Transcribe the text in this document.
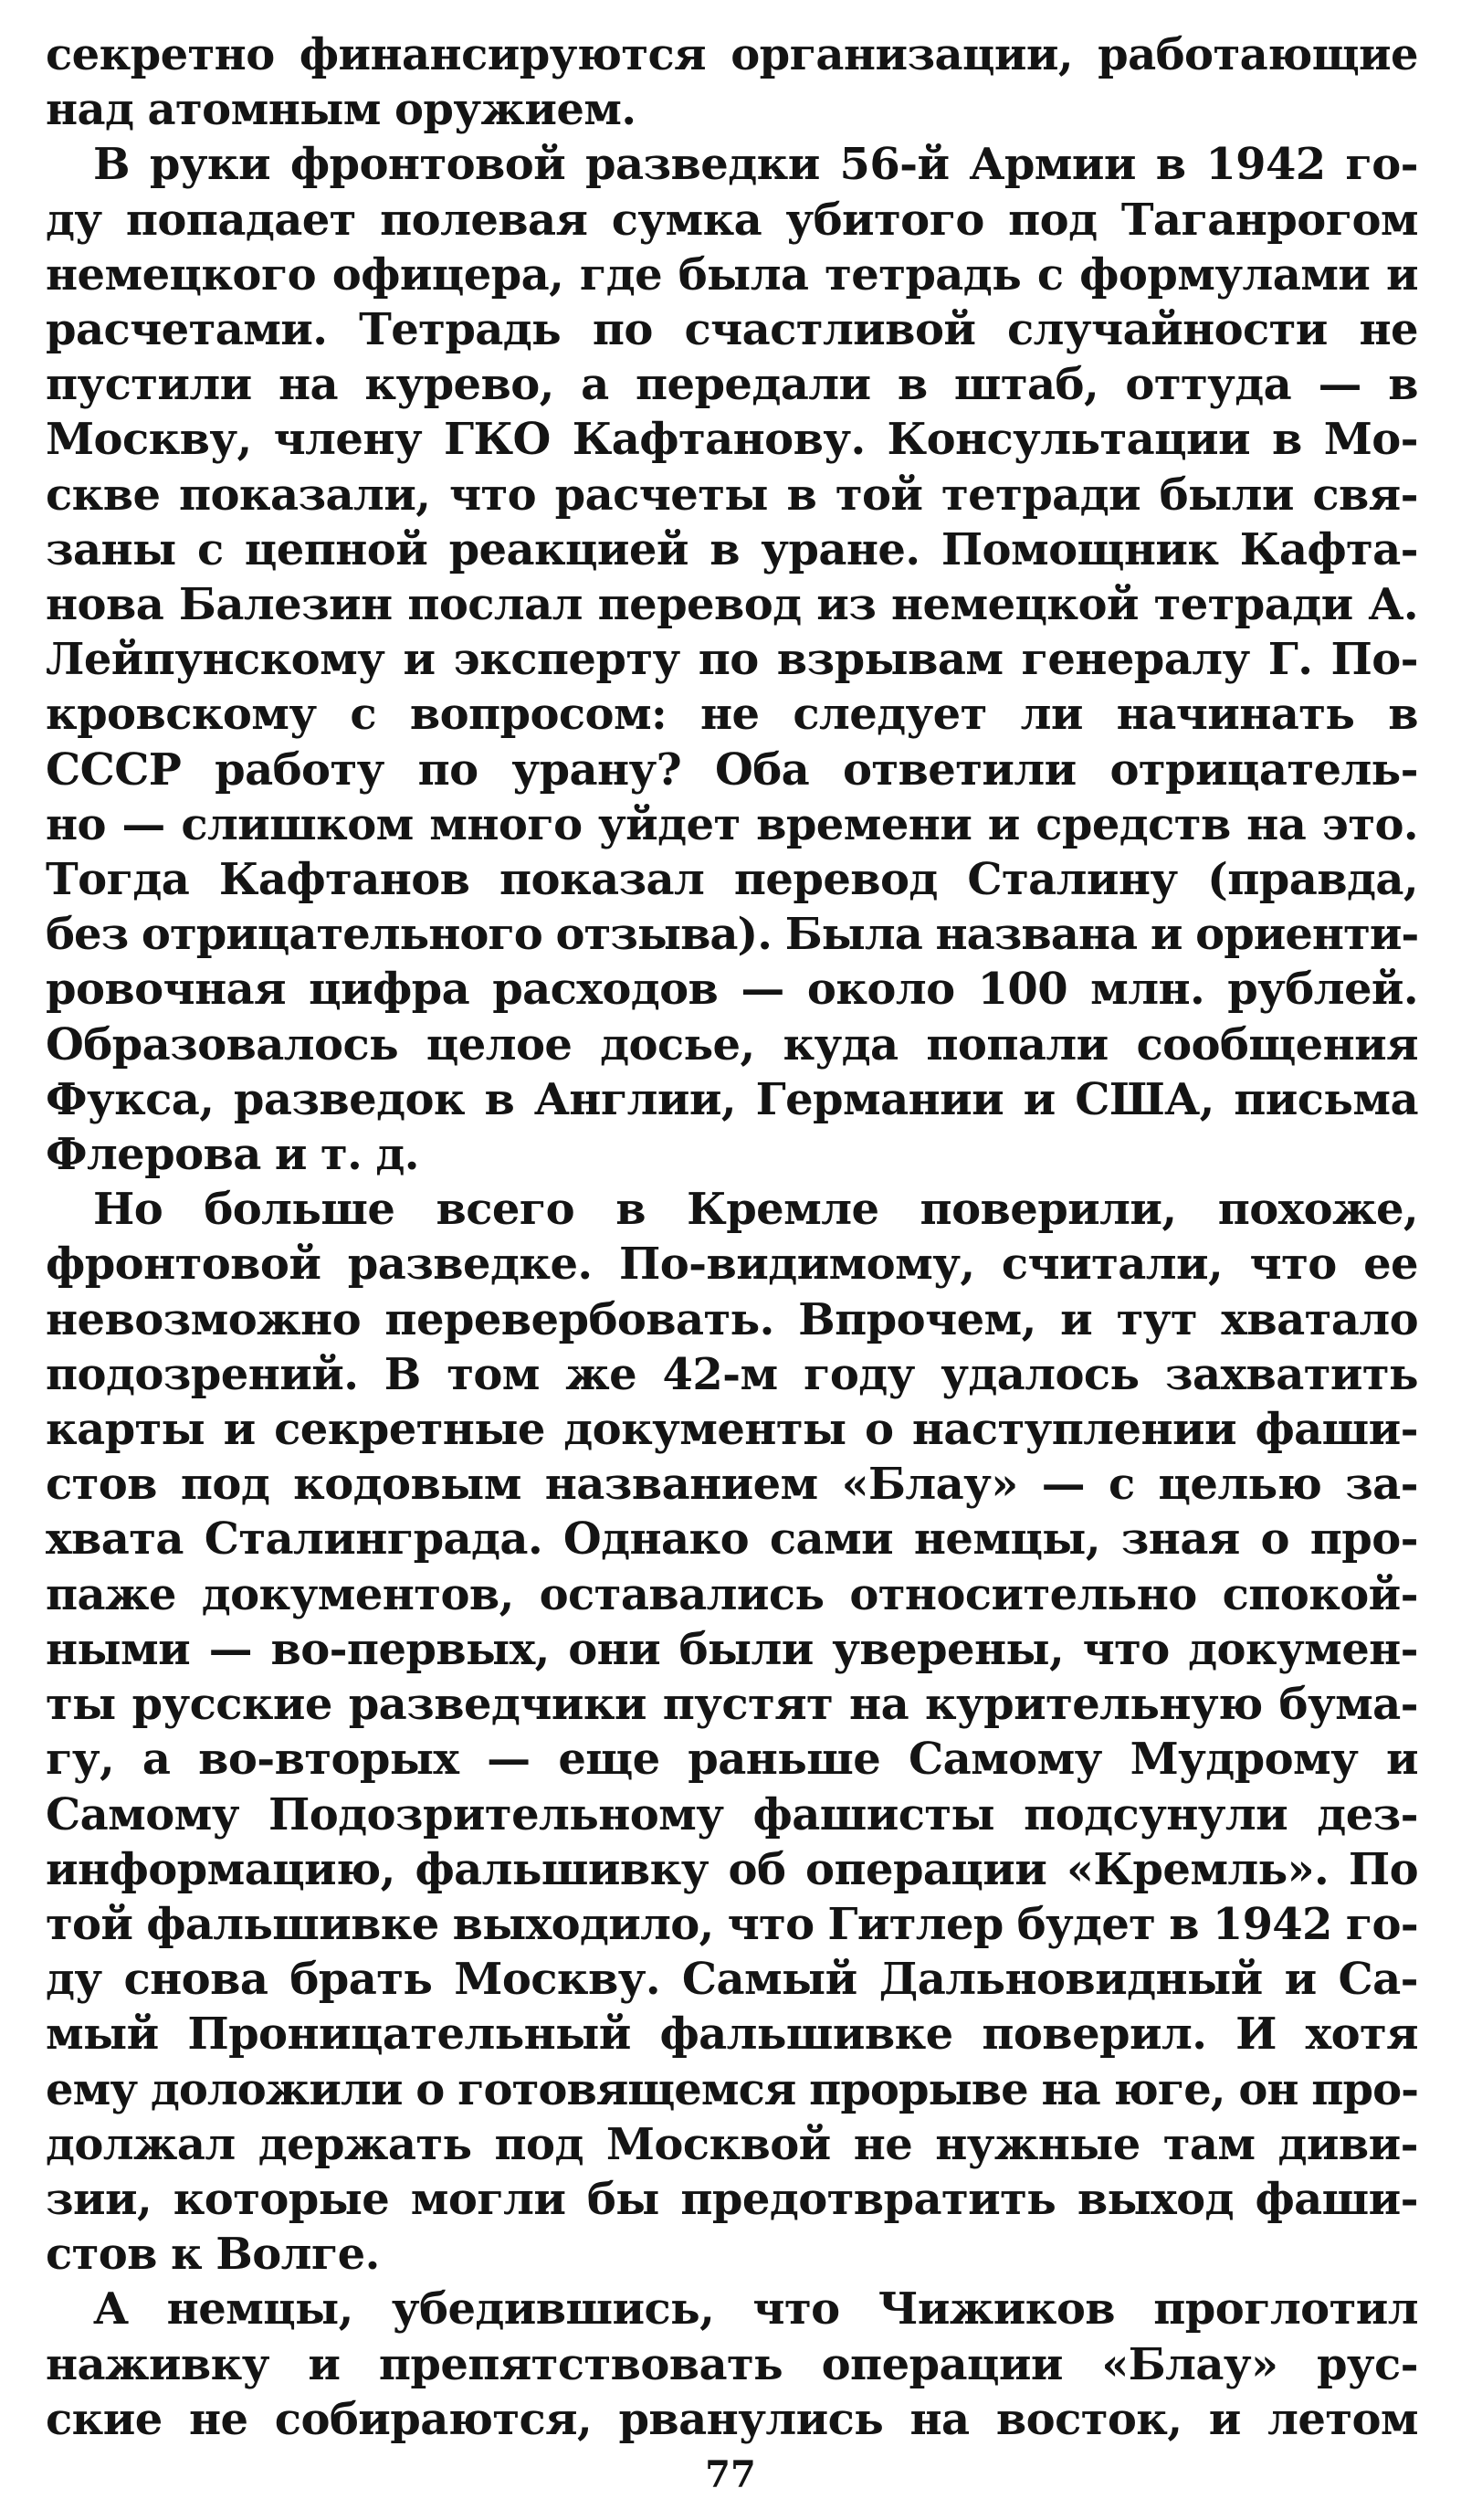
секретно финансируются организации, работающие
над атомным оружием.
В руки фронтовой разведки 56-й Армии в 1942 го-
ду попадает полевая сумка убитого под Таганрогом
немецкого офицера, где была тетрадь с формулами и
расчетами. Тетрадь по счастливой случайности не
пустили на курево, а передали в штаб, оттуда — в
Москву, члену ГКО Кафтанову. Консультации в Мо-
скве показали, что расчеты в той тетради были свя-
заны с цепной реакцией в уране. Помощник Кафта-
нова Балезин послал перевод из немецкой тетради А.
Лейпунскому и эксперту по взрывам генералу Г. По-
кровскому с вопросом: не следует ли начинать в
СССР работу по урану? Оба ответили отрицатель-
но — слишком много уйдет времени и средств на это.
Тогда Кафтанов показал перевод Сталину (правда,
без отрицательного отзыва). Была названа и ориенти-
ровочная цифра расходов — около 100 млн. рублей.
Образовалось целое досье, куда попали сообщения
Фукса, разведок в Англии, Германии и США, письма
Флерова и т. д.
Но больше всего в Кремле поверили, похоже,
фронтовой разведке. По-видимому, считали, что ее
невозможно перевербовать. Впрочем, и тут хватало
подозрений. В том же 42-м году удалось захватить
карты и секретные документы о наступлении фаши-
стов под кодовым названием «Блау» — с целью за-
хвата Сталинграда. Однако сами немцы, зная о про-
паже документов, оставались относительно спокой-
ными — во-первых, они были уверены, что докумен-
ты русские разведчики пустят на курительную бума-
гу, а во-вторых — еще раньше Самому Мудрому и
Самому Подозрительному фашисты подсунули дез-
информацию, фальшивку об операции «Кремль». По
той фальшивке выходило, что Гитлер будет в 1942 го-
ду снова брать Москву. Самый Дальновидный и Са-
мый Проницательный фальшивке поверил. И хотя
ему доложили о готовящемся прорыве на юге, он про-
должал держать под Москвой не нужные там диви-
зии, которые могли бы предотвратить выход фаши-
стов к Волге.
А немцы, убедившись, что Чижиков проглотил
наживку и препятствовать операции «Блау» рус-
ские не собираются, рванулись на восток, и летом
77
